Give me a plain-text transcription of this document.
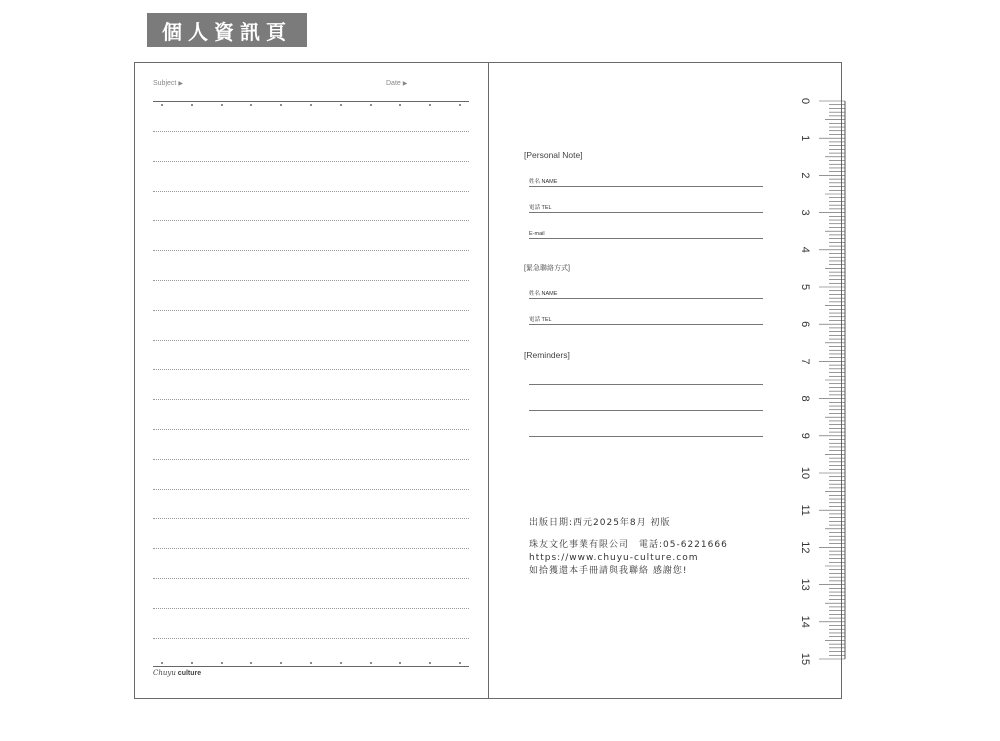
個人資訊頁
Subject ▶	Date ▶
Chuyu culture
[Personal Note]
姓名 NAME
電話 TEL
E-mail
[緊急聯絡方式]
姓名 NAME
電話 TEL
[Reminders]
出版日期:西元2025年8月 初版
珠友文化事業有限公司　電話:05-6221666
https://www.chuyu-culture.com
如拾獲還本手冊請與我聯絡 感謝您!
0
1
2
3
4
5
6
7
8
9
10
11
12
13
14
15
